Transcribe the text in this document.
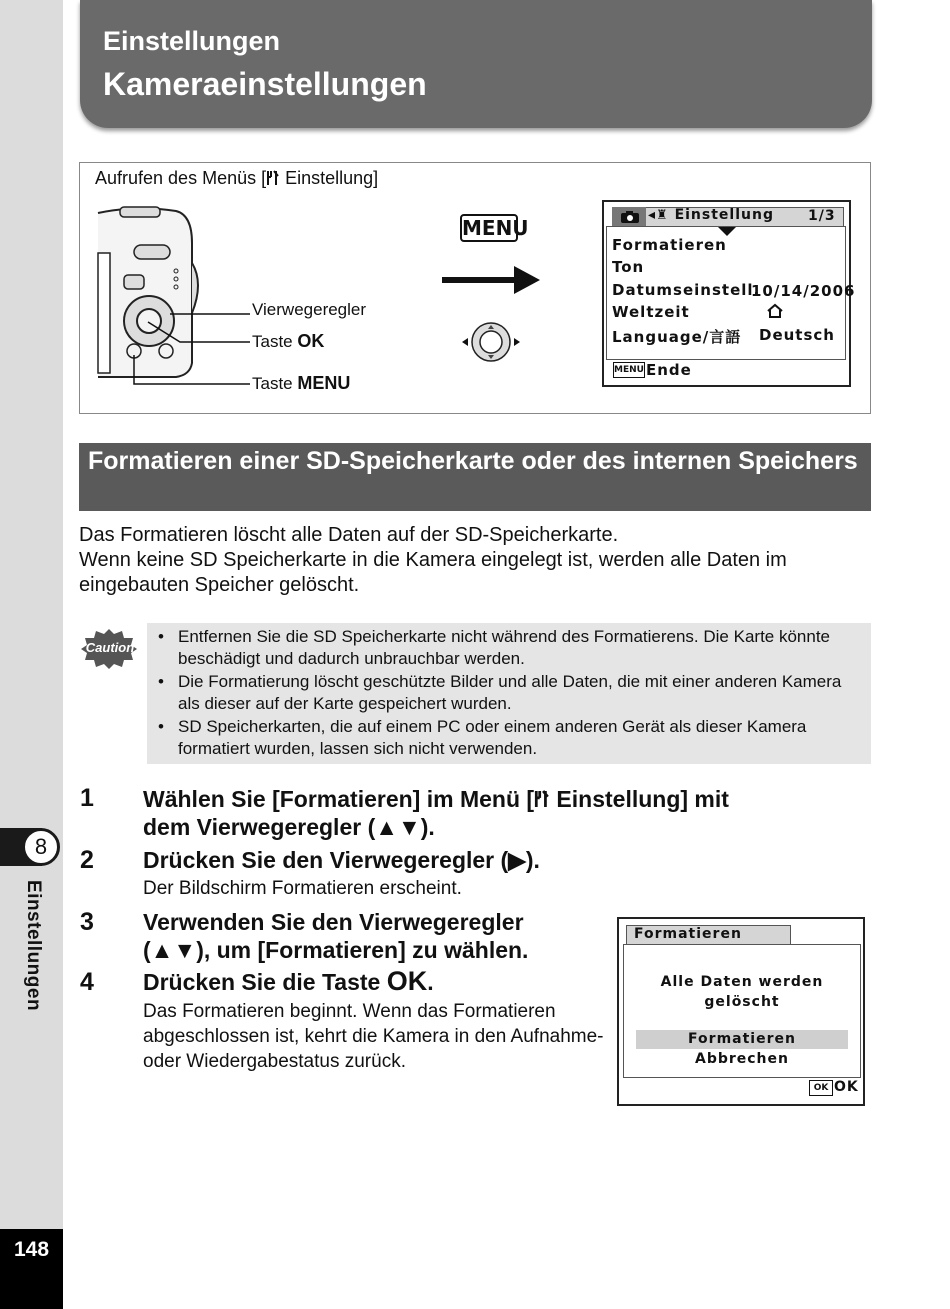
8
Einstellungen
148
Einstellungen
Kameraeinstellungen
Aufrufen des Menüs [ Einstellung]
Vierwegeregler
Taste OK
Taste MENU
MENU
◂♜ Einstellung 1/3
Formatieren
Ton
Datumseinstell.
10/14/2006
Weltzeit
Language/言語 Deutsch
MENU Ende
Formatieren einer SD-Speicherkarte oder des internen Speichers
Das Formatieren löscht alle Daten auf der SD-Speicherkarte.
Wenn keine SD Speicherkarte in die Kamera eingelegt ist, werden alle Daten im eingebauten Speicher gelöscht.
Caution
• Entfernen Sie die SD Speicherkarte nicht während des Formatierens. Die Karte könnte beschädigt und dadurch unbrauchbar werden.
• Die Formatierung löscht geschützte Bilder und alle Daten, die mit einer anderen Kamera als dieser auf der Karte gespeichert wurden.
• SD Speicherkarten, die auf einem PC oder einem anderen Gerät als dieser Kamera formatiert wurden, lassen sich nicht verwenden.
1 Wählen Sie [Formatieren] im Menü [ Einstellung] mit
dem Vierwegeregler (▲▼).
2 Drücken Sie den Vierwegeregler (▶).
Der Bildschirm Formatieren erscheint.
3 Verwenden Sie den Vierwegeregler
(▲▼), um [Formatieren] zu wählen.
4 Drücken Sie die Taste OK.
Das Formatieren beginnt. Wenn das Formatieren abgeschlossen ist, kehrt die Kamera in den Aufnahme- oder Wiedergabestatus zurück.
Formatieren
Alle Daten werden
gelöscht
Formatieren
Abbrechen
OK OK
